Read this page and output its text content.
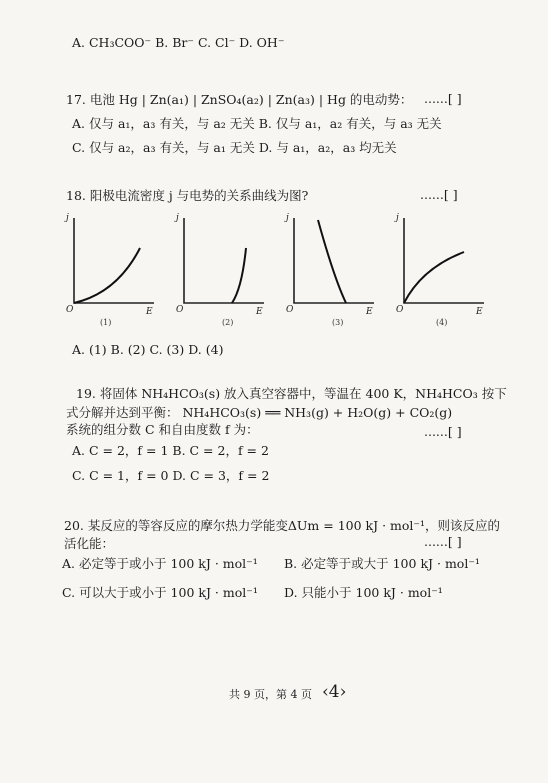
A. CH₃COO⁻ B. Br⁻ C. Cl⁻ D. OH⁻
17. 电池 Hg | Zn(a₁) | ZnSO₄(a₂) | Zn(a₃) | Hg 的电动势： ......[ ]
A. 仅与 a₁，a₃ 有关，与 a₂ 无关 B. 仅与 a₁，a₂ 有关，与 a₃ 无关
C. 仅与 a₂，a₃ 有关，与 a₁ 无关 D. 与 a₁，a₂，a₃ 均无关
18. 阳极电流密度 j 与电势的关系曲线为图?	......[ ]
j
O	E
(1)
j
O	E
(2)
j
O	E
(3)
j
O	E
(4)
A. (1) B. (2) C. (3) D. (4)
19. 将固体 NH₄HCO₃(s) 放入真空容器中，等温在 400 K，NH₄HCO₃ 按下
式分解并达到平衡： NH₄HCO₃(s) ══ NH₃(g) + H₂O(g) + CO₂(g)
系统的组分数 C 和自由度数 f 为：	......[ ]
A. C = 2，f = 1 B. C = 2，f = 2
C. C = 1，f = 0 D. C = 3，f = 2
20. 某反应的等容反应的摩尔热力学能变ΔUm = 100 kJ · mol⁻¹，则该反应的
活化能：	......[ ]
A. 必定等于或小于 100 kJ · mol⁻¹ B. 必定等于或大于 100 kJ · mol⁻¹
C. 可以大于或小于 100 kJ · mol⁻¹ D. 只能小于 100 kJ · mol⁻¹
共 9 页，第 4 页 ‹4›
